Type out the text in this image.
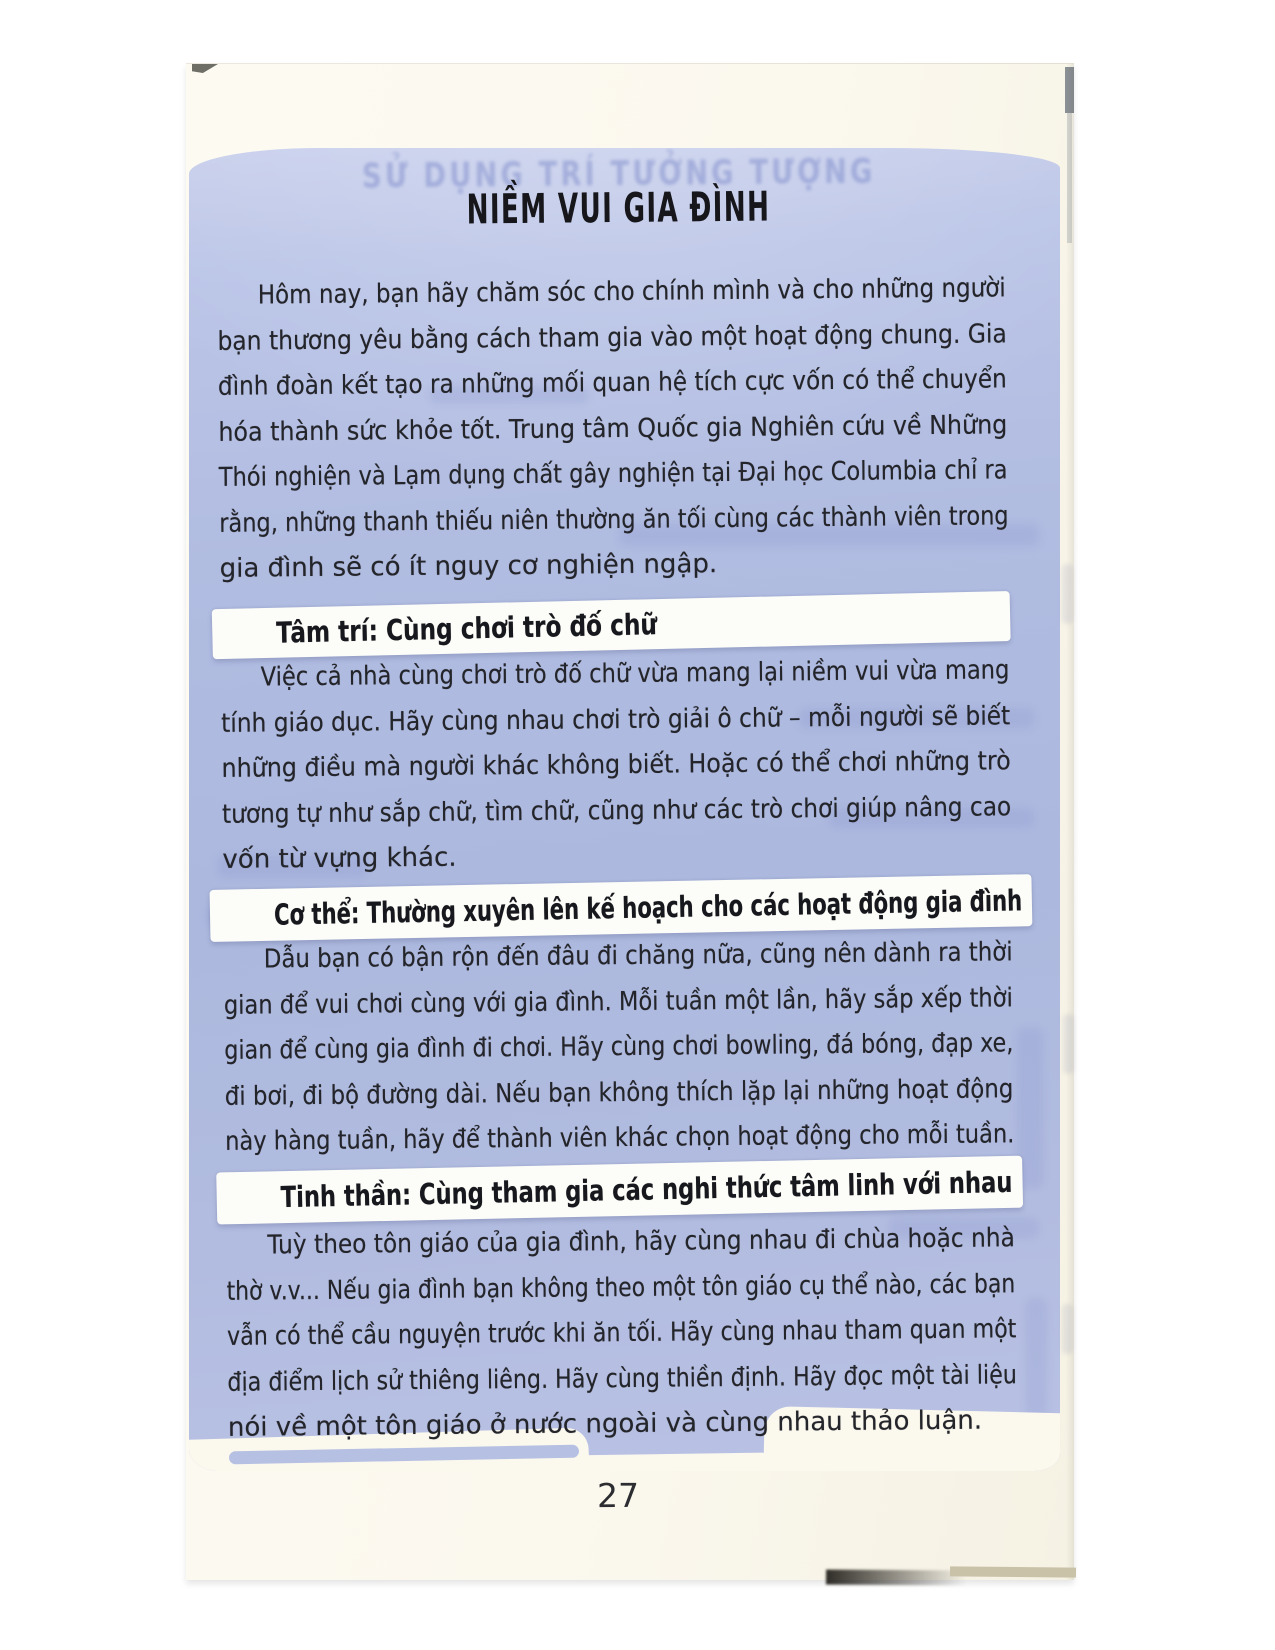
SỬ DỤNG TRÍ TƯỞNG TƯỢNG
NIỀM VUI GIA ĐÌNH
Hôm nay, bạn hãy chăm sóc cho chính mình và cho những người
bạn thương yêu bằng cách tham gia vào một hoạt động chung. Gia
đình đoàn kết tạo ra những mối quan hệ tích cực vốn có thể chuyển
hóa thành sức khỏe tốt. Trung tâm Quốc gia Nghiên cứu về Những
Thói nghiện và Lạm dụng chất gây nghiện tại Đại học Columbia chỉ ra
rằng, những thanh thiếu niên thường ăn tối cùng các thành viên trong
gia đình sẽ có ít nguy cơ nghiện ngập.
Tâm trí: Cùng chơi trò đố chữ
Việc cả nhà cùng chơi trò đố chữ vừa mang lại niềm vui vừa mang
tính giáo dục. Hãy cùng nhau chơi trò giải ô chữ – mỗi người sẽ biết
những điều mà người khác không biết. Hoặc có thể chơi những trò
tương tự như sắp chữ, tìm chữ, cũng như các trò chơi giúp nâng cao
vốn từ vựng khác.
Cơ thể: Thường xuyên lên kế hoạch cho các hoạt động gia đình
Dẫu bạn có bận rộn đến đâu đi chăng nữa, cũng nên dành ra thời
gian để vui chơi cùng với gia đình. Mỗi tuần một lần, hãy sắp xếp thời
gian để cùng gia đình đi chơi. Hãy cùng chơi bowling, đá bóng, đạp xe,
đi bơi, đi bộ đường dài. Nếu bạn không thích lặp lại những hoạt động
này hàng tuần, hãy để thành viên khác chọn hoạt động cho mỗi tuần.
Tinh thần: Cùng tham gia các nghi thức tâm linh với nhau
Tuỳ theo tôn giáo của gia đình, hãy cùng nhau đi chùa hoặc nhà
thờ v.v... Nếu gia đình bạn không theo một tôn giáo cụ thể nào, các bạn
vẫn có thể cầu nguyện trước khi ăn tối. Hãy cùng nhau tham quan một
địa điểm lịch sử thiêng liêng. Hãy cùng thiền định. Hãy đọc một tài liệu
nói về một tôn giáo ở nước ngoài và cùng nhau thảo luận.
27
